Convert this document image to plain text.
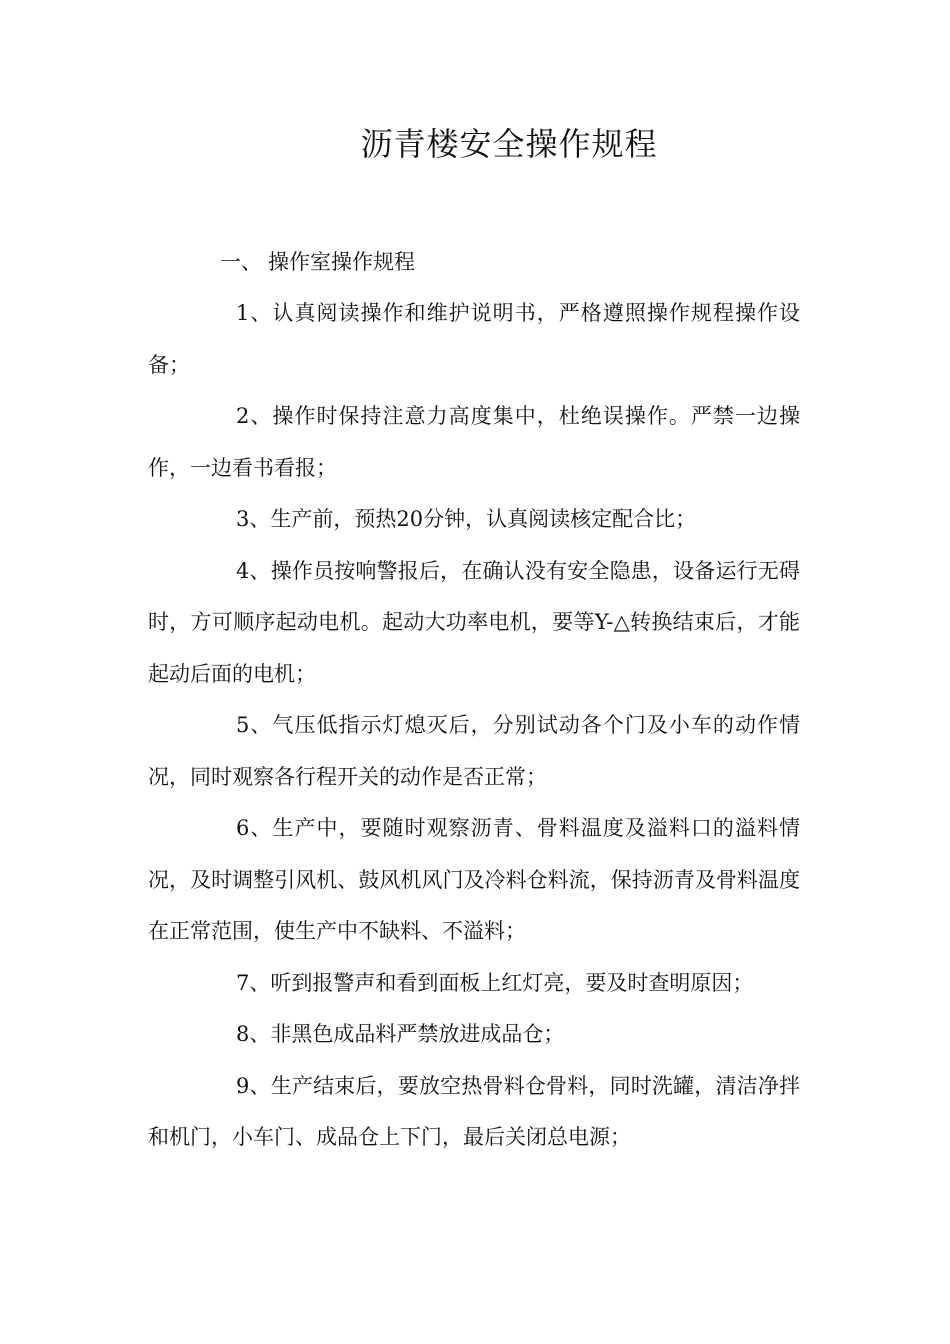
沥青楼安全操作规程
一、 操作室操作规程

1、认真阅读操作和维护说明书，严格遵照操作规程操作设备；

2、操作时保持注意力高度集中，杜绝误操作。严禁一边操作，一边看书看报；

3、生产前，预热20分钟，认真阅读核定配合比；

4、操作员按响警报后，在确认没有安全隐患，设备运行无碍时，方可顺序起动电机。起动大功率电机，要等Y-△转换结束后，才能起动后面的电机；

5、气压低指示灯熄灭后，分别试动各个门及小车的动作情况，同时观察各行程开关的动作是否正常；

6、生产中，要随时观察沥青、骨料温度及溢料口的溢料情况，及时调整引风机、鼓风机风门及冷料仓料流，保持沥青及骨料温度在正常范围，使生产中不缺料、不溢料；

7、听到报警声和看到面板上红灯亮，要及时查明原因；

8、非黑色成品料严禁放进成品仓；

9、生产结束后，要放空热骨料仓骨料，同时洗罐，清洁净拌和机门，小车门、成品仓上下门，最后关闭总电源；
